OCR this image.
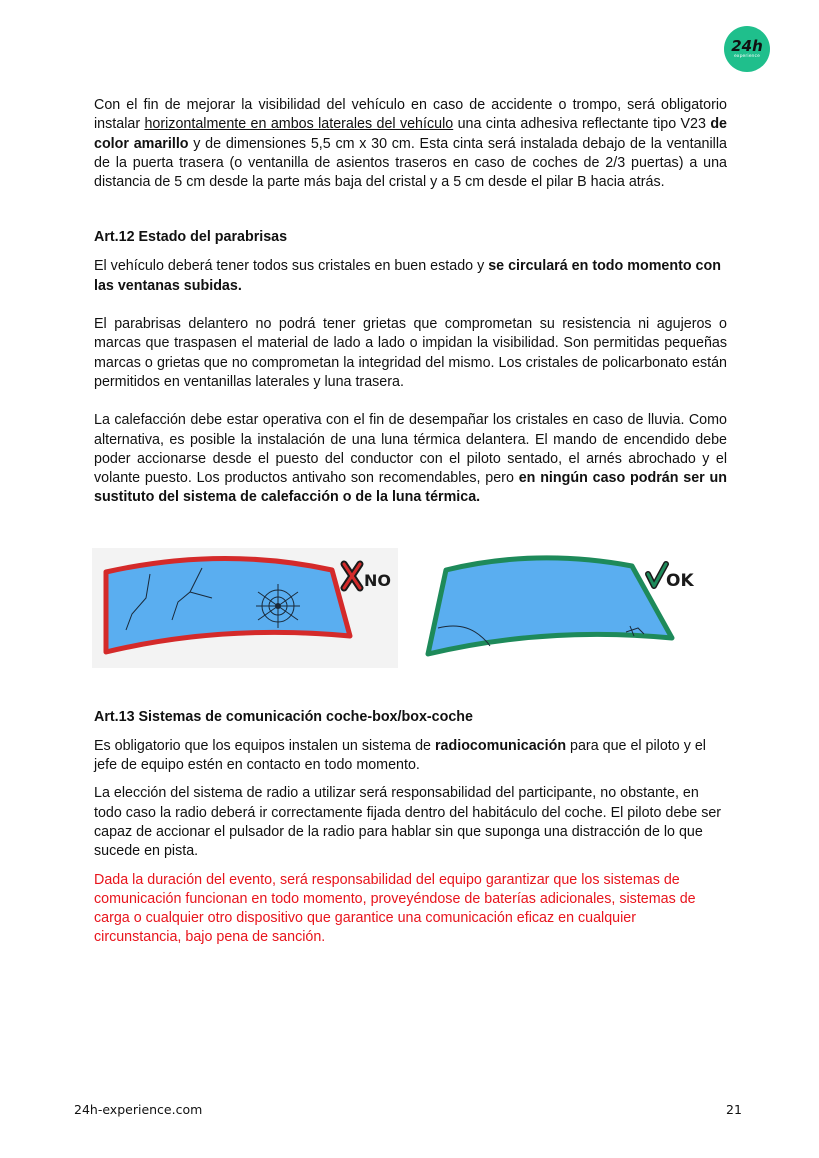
24h
experience

Con el fin de mejorar la visibilidad del vehículo en caso de accidente o trompo, será obligatorio instalar horizontalmente en ambos laterales del vehículo una cinta adhesiva reflectante tipo V23 de color amarillo y de dimensiones 5,5 cm x 30 cm. Esta cinta será instalada debajo de la ventanilla de la puerta trasera (o ventanilla de asientos traseros en caso de coches de 2/3 puertas) a una distancia de 5 cm desde la parte más baja del cristal y a 5 cm desde el pilar B hacia atrás.

Art.12 Estado del parabrisas

El vehículo deberá tener todos sus cristales en buen estado y se circulará en todo momento con las ventanas subidas.

El parabrisas delantero no podrá tener grietas que comprometan su resistencia ni agujeros o marcas que traspasen el material de lado a lado o impidan la visibilidad. Son permitidas pequeñas marcas o grietas que no comprometan la integridad del mismo. Los cristales de policarbonato están permitidos en ventanillas laterales y luna trasera.

La calefacción debe estar operativa con el fin de desempañar los cristales en caso de lluvia. Como alternativa, es posible la instalación de una luna térmica delantera. El mando de encendido debe poder accionarse desde el puesto del conductor con el piloto sentado, el arnés abrochado y el volante puesto. Los productos antivaho son recomendables, pero en ningún caso podrán ser un sustituto del sistema de calefacción o de la luna térmica.

NO	OK
Art.13 Sistemas de comunicación coche-box/box-coche

Es obligatorio que los equipos instalen un sistema de radiocomunicación para que el piloto y el jefe de equipo estén en contacto en todo momento.

La elección del sistema de radio a utilizar será responsabilidad del participante, no obstante, en todo caso la radio deberá ir correctamente fijada dentro del habitáculo del coche. El piloto debe ser capaz de accionar el pulsador de la radio para hablar sin que suponga una distracción de lo que sucede en pista.

Dada la duración del evento, será responsabilidad del equipo garantizar que los sistemas de comunicación funcionan en todo momento, proveyéndose de baterías adicionales, sistemas de carga o cualquier otro dispositivo que garantice una comunicación eficaz en cualquier circunstancia, bajo pena de sanción.

24h-experience.com	21
